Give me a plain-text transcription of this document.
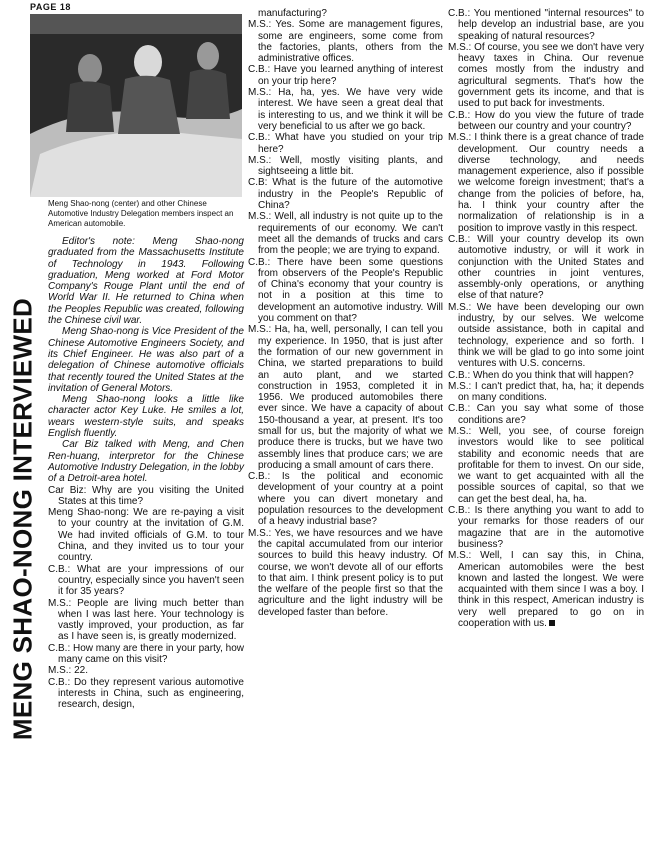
PAGE 18
Meng Shao-nong (center) and other Chinese Automotive Industry Delegation members inspect an American automobile.
MENG SHAO-NONG INTERVIEWED

Editor's note: Meng Shao-nong graduated from the Massachusetts Institute of Technology in 1943. Following graduation, Meng worked at Ford Motor Company's Rouge Plant until the end of World War II. He returned to China when the Peoples Republic was created, following the Chinese civil war.

Meng Shao-nong is Vice President of the Chinese Automotive Engineers Society, and its Chief Engineer. He was also part of a delegation of Chinese automotive officials that recently toured the United States at the invitation of General Motors.

Meng Shao-nong looks a little like character actor Key Luke. He smiles a lot, wears western-style suits, and speaks English fluently.

Car Biz talked with Meng, and Chen Ren-huang, interpretor for the Chinese Automotive Industry Delegation, in the lobby of a Detroit-area hotel.

Car Biz: Why are you visiting the United States at this time?

Meng Shao-nong: We are re-paying a visit to your country at the invitation of G.M. We had invited officials of G.M. to tour China, and they invited us to tour your country.

C.B.: What are your impressions of our country, especially since you haven't seen it for 35 years?

M.S.: People are living much better than when I was last here. Your technology is vastly improved, your production, as far as I have seen is, is greatly modernized.

C.B.: How many are there in your party, how many came on this visit?

M.S.: 22.

C.B.: Do they represent various automotive interests in China, such as engineering, research, design,

manufacturing?

M.S.: Yes. Some are management figures, some are engineers, some come from the factories, plants, others from the administrative offices.

C.B.: Have you learned anything of interest on your trip here?

M.S.: Ha, ha, yes. We have very wide interest. We have seen a great deal that is interesting to us, and we think it will be very beneficial to us after we go back.

C.B.: What have you studied on your trip here?

M.S.: Well, mostly visiting plants, and sightseeing a little bit.

C.B: What is the future of the automotive industry in the People's Republic of China?

M.S.: Well, all industry is not quite up to the requirements of our economy. We can't meet all the demands of trucks and cars from the people; we are trying to expand.

C.B.: There have been some questions from observers of the People's Republic of China's economy that your country is not in a position at this time to development an automotive industry. Will you comment on that?

M.S.: Ha, ha, well, personally, I can tell you my experience. In 1950, that is just after the formation of our new government in China, we started preparations to build an auto plant, and we started construction in 1953, completed it in 1956. We produced automobiles there ever since. We have a capacity of about 150-thousand a year, at present. It's too small for us, but the majority of what we produce there is trucks, but we have two assembly lines that produce cars; we are producing a small amount of cars there.

C.B.: Is the political and economic development of your country at a point where you can divert monetary and population resources to the development of a heavy industrial base?

M.S.: Yes, we have resources and we have the capital accumulated from our interior sources to build this heavy industry. Of course, we won't devote all of our efforts to that aim. I think present policy is to put the welfare of the people first so that the agriculture and the light industry will be developed faster than before.

C.B.: You mentioned "internal resources" to help develop an industrial base, are you speaking of natural resources?

M.S.: Of course, you see we don't have very heavy taxes in China. Our revenue comes mostly from the industry and agricultural segments. That's how the government gets its income, and that is used to put back for investments.

C.B.: How do you view the future of trade between our country and your country?

M.S.: I think there is a great chance of trade development. Our country needs a diverse technology, and needs management experience, also if possible we welcome foreign investment; that's a change from the policies of before, ha, ha. I think your country after the normalization of relationship is in a position to improve vastly in this respect.

C.B.: Will your country develop its own automotive industry, or will it work in conjunction with the United States and other countries in joint ventures, assembly-only operations, or anything else of that nature?

M.S.: We have been developing our own industry, by our selves. We welcome outside assistance, both in capital and technology, experience and so forth. I think we will be glad to go into some joint ventures with U.S. concerns.

C.B.: When do you think that will happen?

M.S.: I can't predict that, ha, ha; it depends on many conditions.

C.B.: Can you say what some of those conditions are?

M.S.: Well, you see, of course foreign investors would like to see political stability and economic needs that are profitable for them to invest. On our side, we want to get acquainted with all the possible sources of capital, so that we can get the best deal, ha, ha.

C.B.: Is there anything you want to add to your remarks for those readers of our magazine that are in the automotive business?

M.S.: Well, I can say this, in China, American automobiles were the best known and lasted the longest. We were acquainted with them since I was a boy. I think in this respect, American industry is very well prepared to go on in cooperation with us.
